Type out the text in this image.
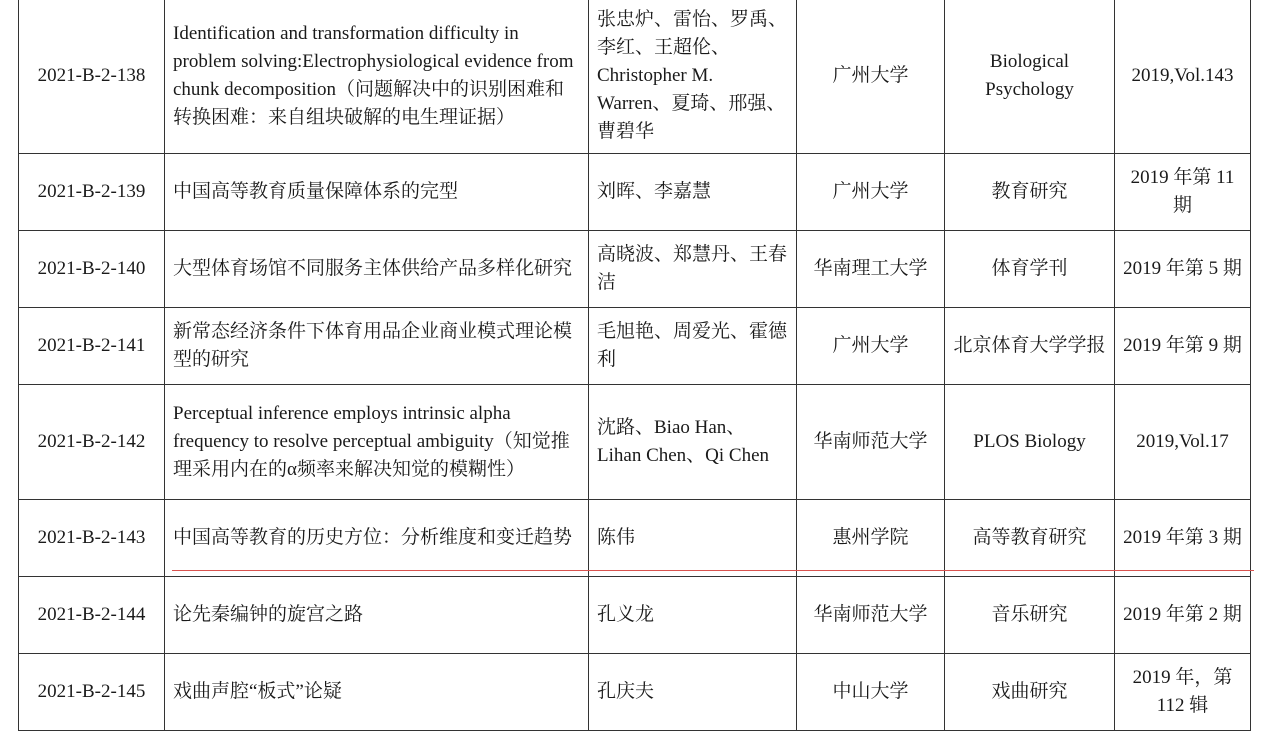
2021-B-2-138	Identification and transformation difficulty in problem solving:Electrophysiological evidence from chunk decomposition（问题解决中的识别困难和转换困难：来自组块破解的电生理证据）	张忠炉、雷怡、罗禹、李红、王超伦、Christopher M. Warren、夏琦、邢强、曹碧华	广州大学	Biological Psychology	2019,Vol.143
2021-B-2-139	中国高等教育质量保障体系的完型	刘晖、李嘉慧	广州大学	教育研究	2019 年第 11 期
2021-B-2-140	大型体育场馆不同服务主体供给产品多样化研究	高晓波、郑慧丹、王春洁	华南理工大学	体育学刊	2019 年第 5 期
2021-B-2-141	新常态经济条件下体育用品企业商业模式理论模型的研究	毛旭艳、周爱光、霍德利	广州大学	北京体育大学学报	2019 年第 9 期
2021-B-2-142	Perceptual inference employs intrinsic alpha frequency to resolve perceptual ambiguity（知觉推理采用内在的α频率来解决知觉的模糊性）	沈路、Biao Han、Lihan Chen、Qi Chen	华南师范大学	PLOS Biology	2019,Vol.17
2021-B-2-143	中国高等教育的历史方位：分析维度和变迁趋势	陈伟	惠州学院	高等教育研究	2019 年第 3 期
2021-B-2-144	论先秦编钟的旋宫之路	孔义龙	华南师范大学	音乐研究	2019 年第 2 期
2021-B-2-145	戏曲声腔“板式”论疑	孔庆夫	中山大学	戏曲研究	2019 年，第 112 辑
